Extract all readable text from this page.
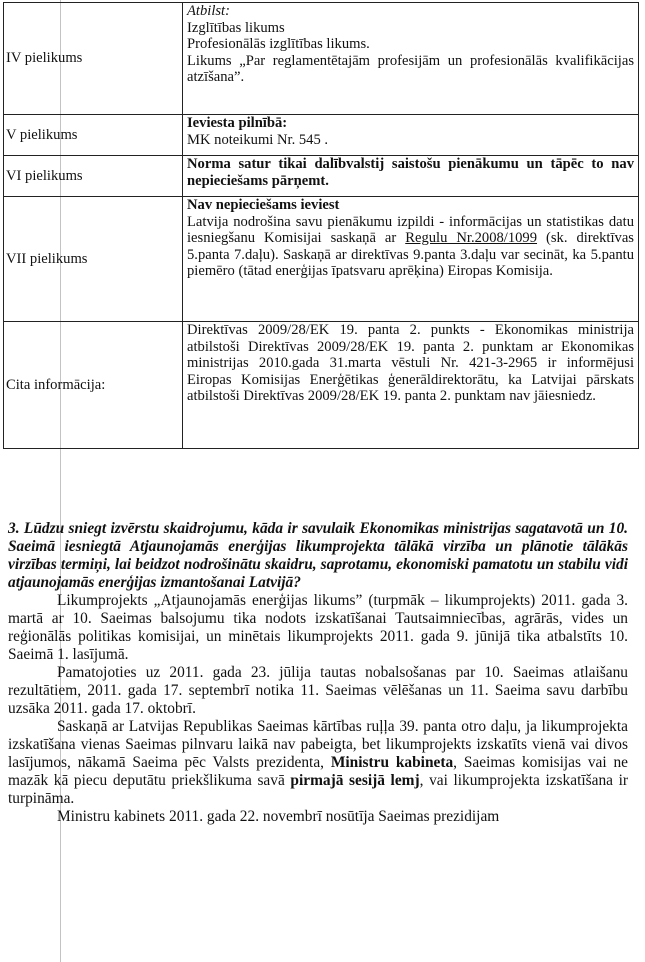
IV pielikums	Atbilst:
Izglītības likums
Profesionālās izglītības likums.
Likums „Par reglamentētajām profesijām un profesionālās kvalifikācijas atzīšana”.

V pielikums	Ieviesta pilnībā:
MK noteikumi Nr. 545 .

VI pielikums	Norma satur tikai dalībvalstij saistošu pienākumu un tāpēc to nav nepieciešams pārņemt.

VII pielikums	Nav nepieciešams ieviest
Latvija nodrošina savu pienākumu izpildi - informācijas un statistikas datu iesniegšanu Komisijai saskaņā ar Regulu Nr.2008/1099 (sk. direktīvas 5.panta 7.daļu). Saskaņā ar direktīvas 9.panta 3.daļu var secināt, ka 5.pantu piemēro (tātad enerģijas īpatsvaru aprēķina) Eiropas Komisija.

Cita informācija:	Direktīvas 2009/28/EK 19. panta 2. punkts - Ekonomikas ministrija atbilstoši Direktīvas 2009/28/EK 19. panta 2. punktam ar Ekonomikas ministrijas 2010.gada 31.marta vēstuli Nr. 421-3-2965 ir informējusi Eiropas Komisijas Enerģētikas ģenerāldirektorātu, ka Latvijai pārskats atbilstoši Direktīvas 2009/28/EK 19. panta 2. punktam nav jāiesniedz.

3. Lūdzu sniegt izvērstu skaidrojumu, kāda ir savulaik Ekonomikas ministrijas sagatavotā un 10. Saeimā iesniegtā Atjaunojamās enerģijas likumprojekta tālākā virzība un plānotie tālākās virzības termiņi, lai beidzot nodrošinātu skaidru, saprotamu, ekonomiski pamatotu un stabilu vidi atjaunojamās enerģijas izmantošanai Latvijā?

Likumprojekts „Atjaunojamās enerģijas likums” (turpmāk – likumprojekts) 2011. gada 3. martā ar 10. Saeimas balsojumu tika nodots izskatīšanai Tautsaimniecības, agrārās, vides un reģionālās politikas komisijai, un minētais likumprojekts 2011. gada 9. jūnijā tika atbalstīts 10. Saeimā 1. lasījumā.

Pamatojoties uz 2011. gada 23. jūlija tautas nobalsošanas par 10. Saeimas atlaišanu rezultātiem, 2011. gada 17. septembrī notika 11. Saeimas vēlēšanas un 11. Saeima savu darbību uzsāka 2011. gada 17. oktobrī.

Saskaņā ar Latvijas Republikas Saeimas kārtības ruļļa 39. panta otro daļu, ja likumprojekta izskatīšana vienas Saeimas pilnvaru laikā nav pabeigta, bet likumprojekts izskatīts vienā vai divos lasījumos, nākamā Saeima pēc Valsts prezidenta, Ministru kabineta, Saeimas komisijas vai ne mazāk kā piecu deputātu priekšlikuma savā pirmajā sesijā lemj, vai likumprojekta izskatīšana ir turpināma.

Ministru kabinets 2011. gada 22. novembrī nosūtīja Saeimas prezidijam
